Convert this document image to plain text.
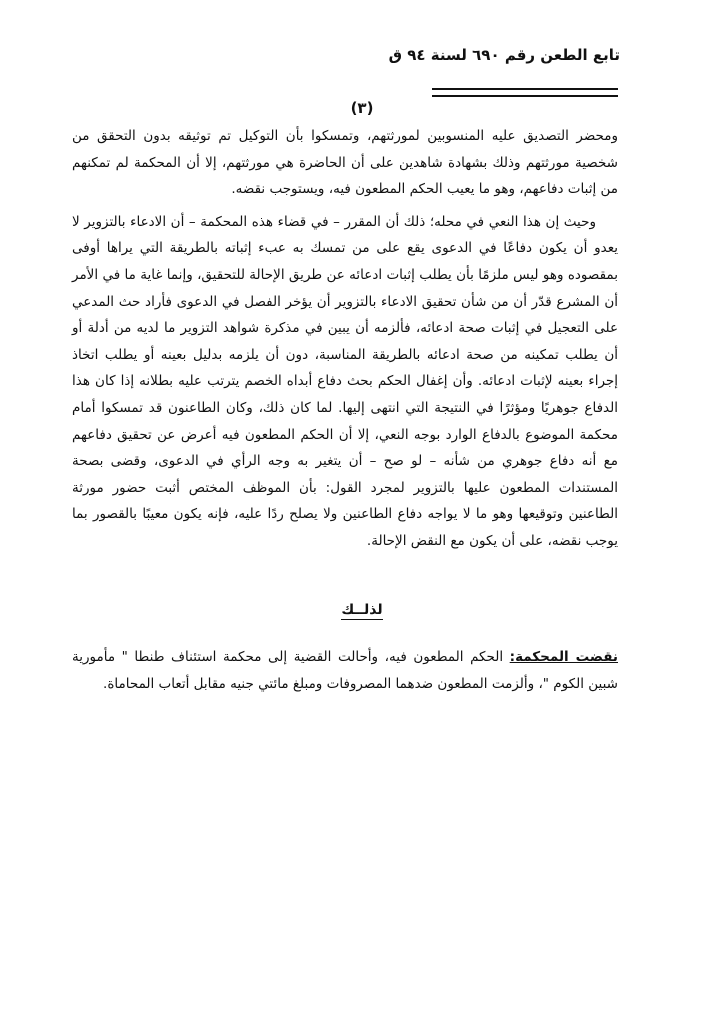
تابع الطعن رقم ٦٩٠ لسنة ٩٤ ق
(٣)

ومحضر التصديق عليه المنسوبين لمورثتهم، وتمسكوا بأن التوكيل تم توثيقه بدون التحقق من شخصية مورثتهم وذلك بشهادة شاهدين على أن الحاضرة هي مورثتهم، إلا أن المحكمة لم تمكنهم من إثبات دفاعهم، وهو ما يعيب الحكم المطعون فيه، ويستوجب نقضه.

وحيث إن هذا النعي في محله؛ ذلك أن المقرر – في قضاء هذه المحكمة – أن الادعاء بالتزوير لا يعدو أن يكون دفاعًا في الدعوى يقع على من تمسك به عبء إثباته بالطريقة التي يراها أوفى بمقصوده وهو ليس ملزمًا بأن يطلب إثبات ادعائه عن طريق الإحالة للتحقيق، وإنما غاية ما في الأمر أن المشرع قدّر أن من شأن تحقيق الادعاء بالتزوير أن يؤخر الفصل في الدعوى فأراد حث المدعي على التعجيل في إثبات صحة ادعائه، فألزمه أن يبين في مذكرة شواهد التزوير ما لديه من أدلة أو أن يطلب تمكينه من صحة ادعائه بالطريقة المناسبة، دون أن يلزمه بدليل بعينه أو يطلب اتخاذ إجراء بعينه لإثبات ادعائه. وأن إغفال الحكم بحث دفاع أبداه الخصم يترتب عليه بطلانه إذا كان هذا الدفاع جوهريًا ومؤثرًا في النتيجة التي انتهى إليها. لما كان ذلك، وكان الطاعنون قد تمسكوا أمام محكمة الموضوع بالدفاع الوارد بوجه النعي، إلا أن الحكم المطعون فيه أعرض عن تحقيق دفاعهم مع أنه دفاع جوهري من شأنه – لو صح – أن يتغير به وجه الرأي في الدعوى، وقضى بصحة المستندات المطعون عليها بالتزوير لمجرد القول: بأن الموظف المختص أثبت حضور مورثة الطاعنين وتوقيعها وهو ما لا يواجه دفاع الطاعنين ولا يصلح ردًا عليه، فإنه يكون معيبًا بالقصور بما يوجب نقضه، على أن يكون مع النقض الإحالة.

لذلــك
نقضت المحكمة: الحكم المطعون فيه، وأحالت القضية إلى محكمة استئناف طنطا " مأمورية شبين الكوم "، وألزمت المطعون ضدهما المصروفات ومبلغ مائتي جنيه مقابل أتعاب المحاماة.
